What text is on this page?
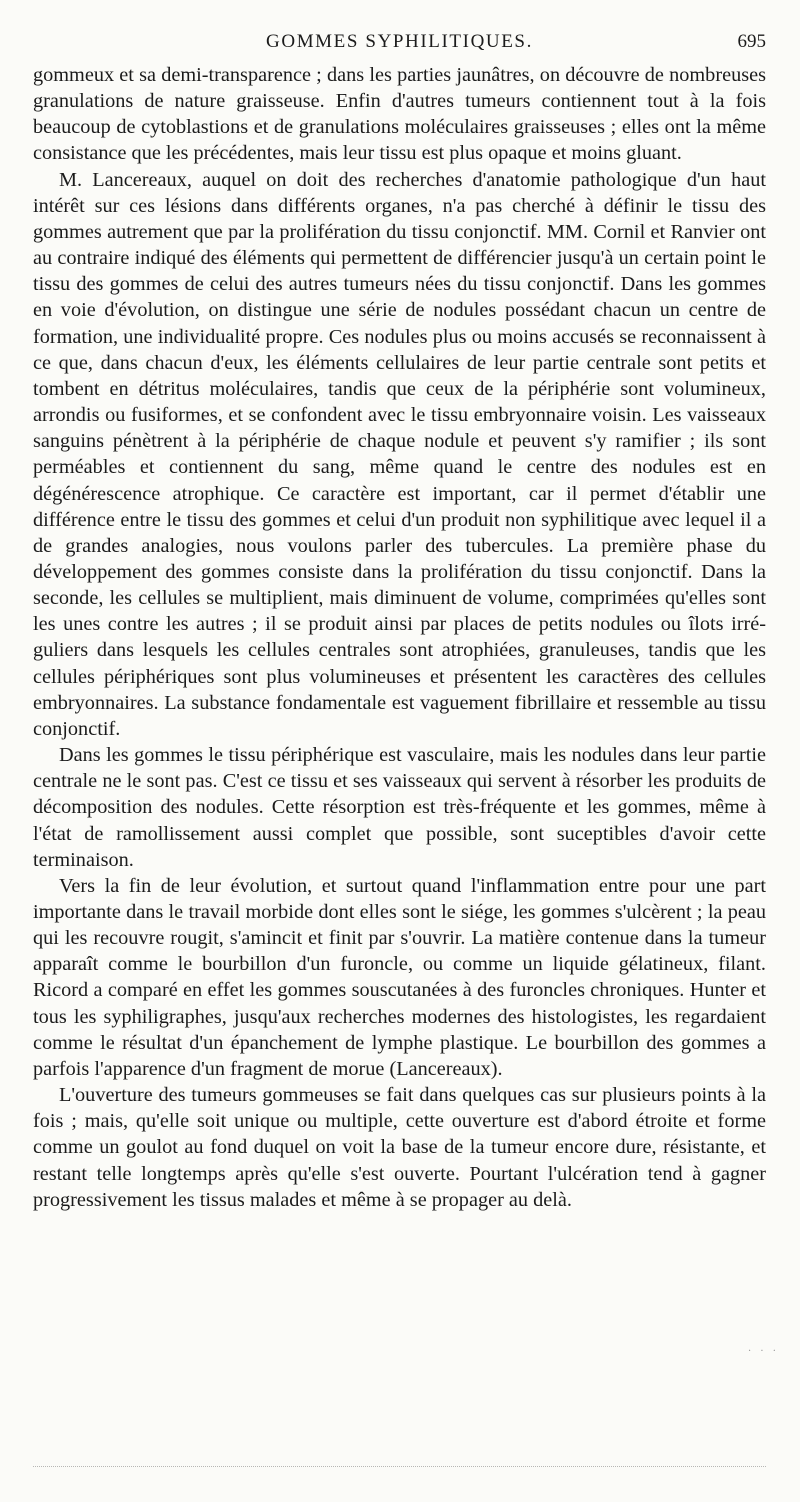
GOMMES SYPHILITIQUES.	695

gommeux et sa demi-transparence ; dans les parties jaunâtres, on découvre de nombreuses granulations de nature graisseuse. Enfin d'autres tumeurs contiennent tout à la fois beaucoup de cytoblastions et de granulations moléculaires graisseuses ; elles ont la même consistance que les précédentes, mais leur tissu est plus opaque et moins gluant.

M. Lancereaux, auquel on doit des recherches d'anatomie pathologique d'un haut intérêt sur ces lésions dans différents organes, n'a pas cherché à définir le tissu des gommes autrement que par la prolifération du tissu conjonctif. MM. Cornil et Ranvier ont au contraire indiqué des éléments qui permettent de différencier jusqu'à un certain point le tissu des gommes de celui des autres tumeurs nées du tissu conjonctif. Dans les gommes en voie d'évolution, on distingue une série de nodules possédant chacun un centre de formation, une individualité propre. Ces nodules plus ou moins accusés se reconnaissent à ce que, dans chacun d'eux, les éléments cellulaires de leur partie centrale sont petits et tombent en détritus moléculaires, tandis que ceux de la périphérie sont volumineux, arrondis ou fusiformes, et se confondent avec le tissu embryonnaire voisin. Les vaisseaux sanguins pénètrent à la périphérie de chaque nodule et peuvent s'y ramifier ; ils sont perméables et contiennent du sang, même quand le centre des nodules est en dégénérescence atrophique. Ce caractère est important, car il permet d'établir une différence entre le tissu des gommes et celui d'un produit non syphilitique avec lequel il a de grandes analogies, nous voulons parler des tubercules. La première phase du développement des gommes consiste dans la prolifération du tissu conjonctif. Dans la seconde, les cellules se multiplient, mais diminuent de volume, comprimées qu'elles sont les unes contre les autres ; il se produit ainsi par places de petits nodules ou îlots irréguliers dans lesquels les cellules centrales sont atrophiées, granuleuses, tandis que les cellules périphériques sont plus volumineuses et présentent les caractères des cellules embryonnaires. La substance fondamentale est vaguement fibrillaire et ressemble au tissu conjonctif.

Dans les gommes le tissu périphérique est vasculaire, mais les nodules dans leur partie centrale ne le sont pas. C'est ce tissu et ses vaisseaux qui servent à résorber les produits de décomposition des nodules. Cette résorption est très-fréquente et les gommes, même à l'état de ramollissement aussi complet que possible, sont suceptibles d'avoir cette terminaison.

Vers la fin de leur évolution, et surtout quand l'inflammation entre pour une part importante dans le travail morbide dont elles sont le siége, les gommes s'ulcèrent ; la peau qui les recouvre rougit, s'amincit et finit par s'ouvrir. La matière contenue dans la tumeur apparaît comme le bourbillon d'un furoncle, ou comme un liquide gélatineux, filant. Ricord a comparé en effet les gommes souscutanées à des furoncles chroniques. Hunter et tous les syphiligraphes, jusqu'aux recherches modernes des histologistes, les regardaient comme le résultat d'un épanchement de lymphe plastique. Le bourbillon des gommes a parfois l'apparence d'un fragment de morue (Lancereaux).

L'ouverture des tumeurs gommeuses se fait dans quelques cas sur plusieurs points à la fois ; mais, qu'elle soit unique ou multiple, cette ouverture est d'abord étroite et forme comme un goulot au fond duquel on voit la base de la tumeur encore dure, résistante, et restant telle longtemps après qu'elle s'est ouverte. Pourtant l'ulcération tend à gagner progressivement les tissus malades et même à se propager au delà.

· · ·
